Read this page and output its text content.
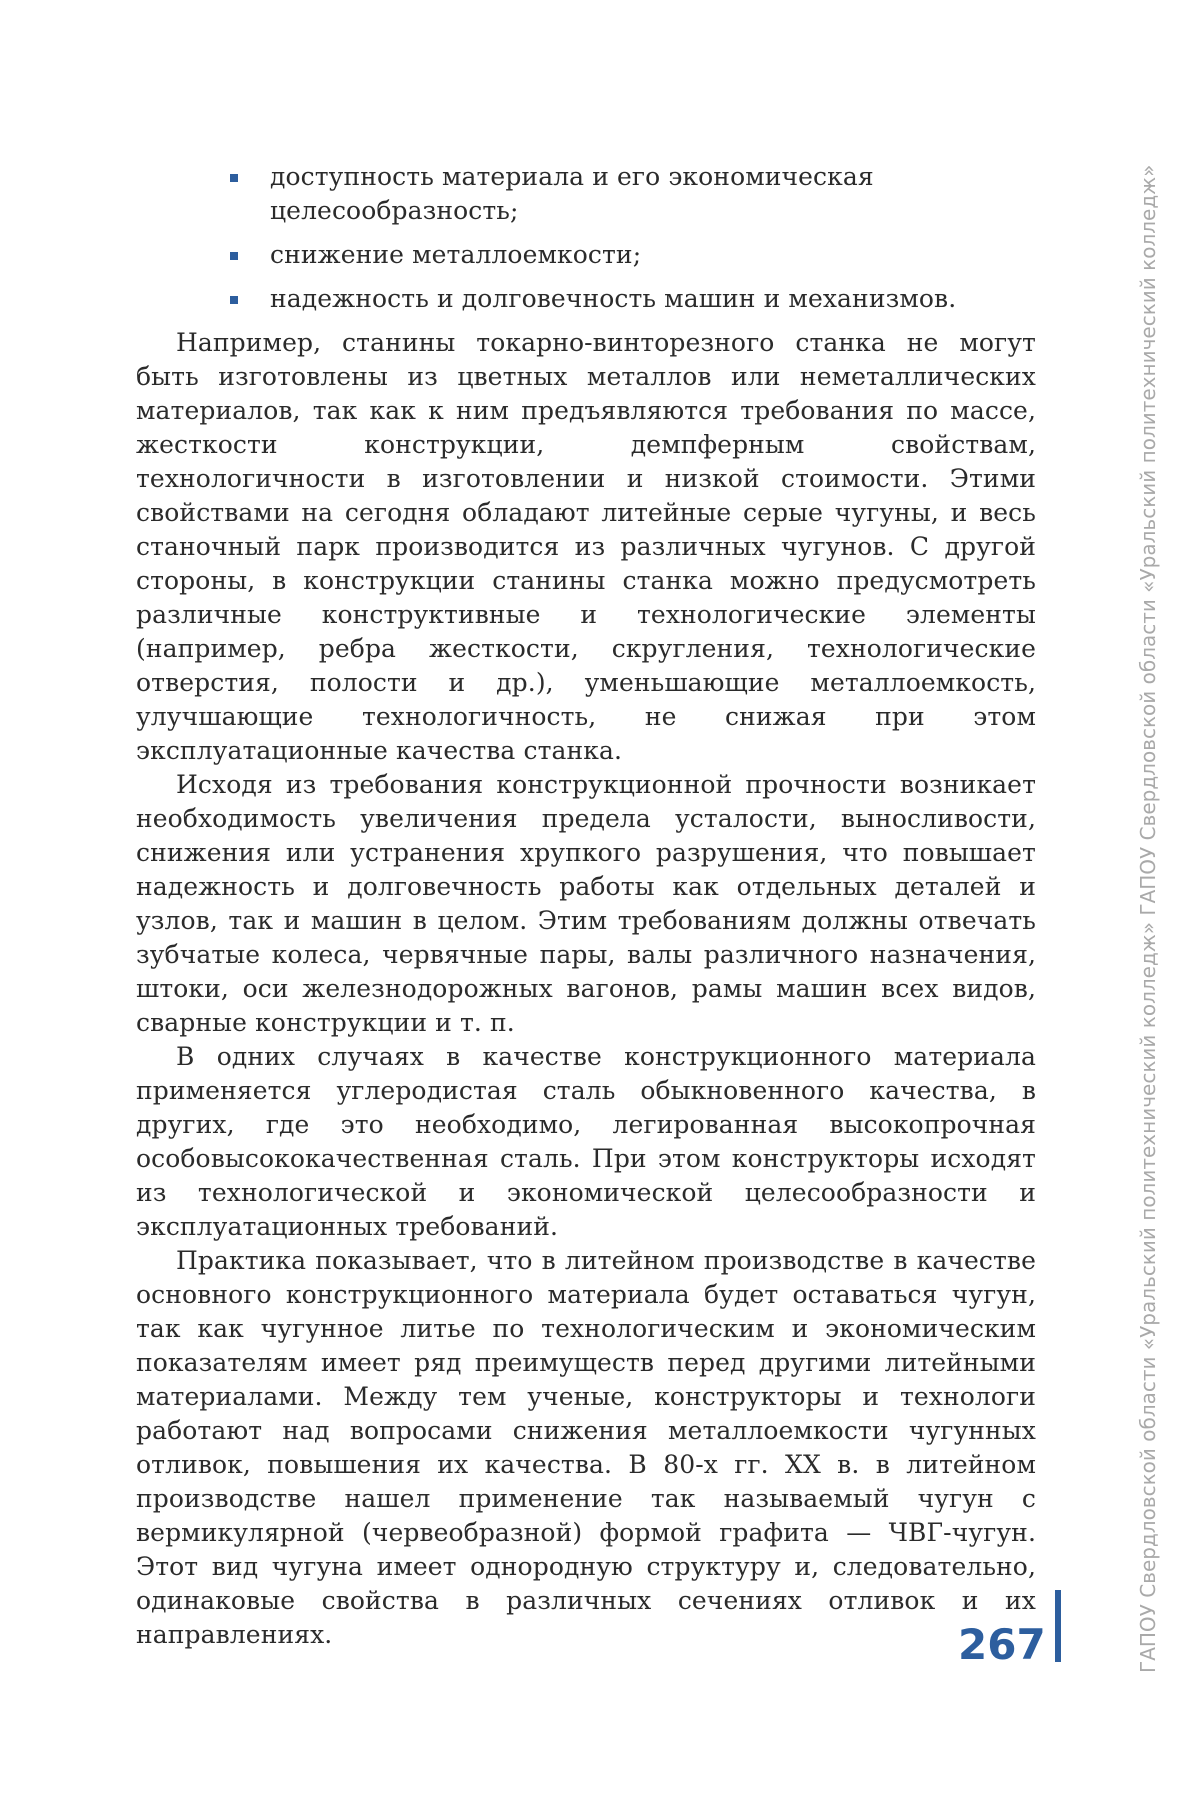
доступность материала и его экономическая целесообразность;
снижение металлоемкости;
надежность и долговечность машин и механизмов.

Например, станины токарно-винторезного станка не могут быть изготовлены из цветных металлов или неметаллических материалов, так как к ним предъявляются требования по массе, жесткости конструкции, демпферным свойствам, технологичности в изготовлении и низкой стоимости. Этими свойствами на сегодня обладают литейные серые чугуны, и весь станочный парк производится из различных чугунов. С другой стороны, в конструкции станины станка можно предусмотреть различные конструктивные и технологические элементы (например, ребра жесткости, скругления, технологические отверстия, полости и др.), уменьшающие металлоемкость, улучшающие технологичность, не снижая при этом эксплуатационные качества станка.

Исходя из требования конструкционной прочности возникает необходимость увеличения предела усталости, выносливости, снижения или устранения хрупкого разрушения, что повышает надежность и долговечность работы как отдельных деталей и узлов, так и машин в целом. Этим требованиям должны отвечать зубчатые колеса, червячные пары, валы различного назначения, штоки, оси железнодорожных вагонов, рамы машин всех видов, сварные конструкции и т. п.

В одних случаях в качестве конструкционного материала применяется углеродистая сталь обыкновенного качества, в других, где это необходимо, легированная высокопрочная особовысококачественная сталь. При этом конструкторы исходят из технологической и экономической целесообразности и эксплуатационных требований.

Практика показывает, что в литейном производстве в качестве основного конструкционного материала будет оставаться чугун, так как чугунное литье по технологическим и экономическим показателям имеет ряд преимуществ перед другими литейными материалами. Между тем ученые, конструкторы и технологи работают над вопросами снижения металлоемкости чугунных отливок, повышения их качества. В 80-х гг. XX в. в литейном производстве нашел применение так называемый чугун с вермикулярной (червеобразной) формой графита — ЧВГ-чугун. Этот вид чугуна имеет однородную структуру и, следовательно, одинаковые свойства в различных сечениях отливок и их направлениях.	267	ГАПОУ Свердловской области «Уральский политехнический колледж» ГАПОУ Свердловской области «Уральский политехнический колледж»
